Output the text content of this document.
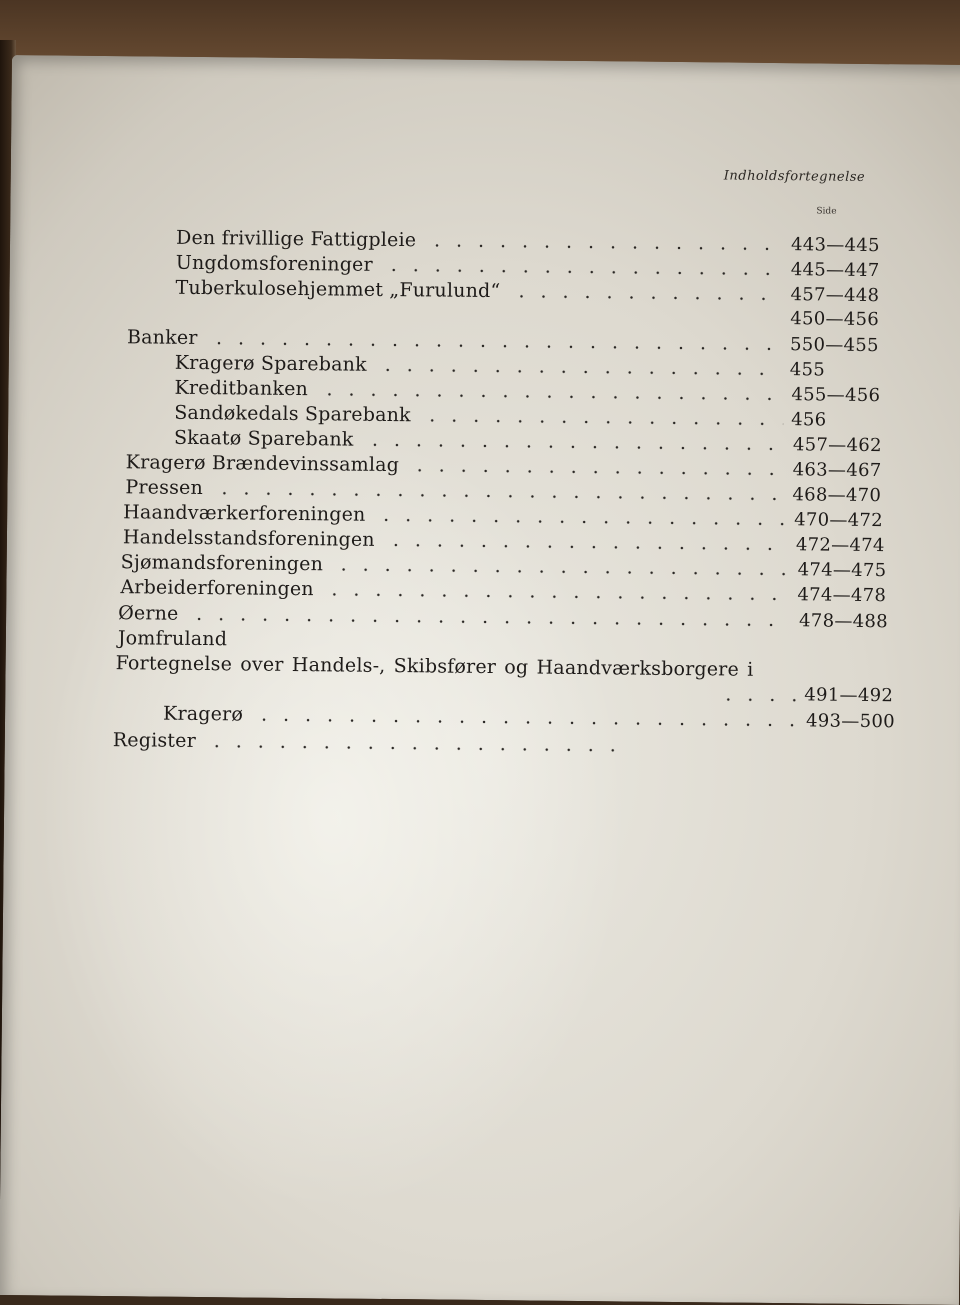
Indholdsfortegnelse
Side
Den frivillige Fattigpleie	443—445
Ungdomsforeninger	445—447
Tuberkulosehjemmet „Furulund“	457—448
450—456
Banker	550—455
Kragerø Sparebank	455
Kreditbanken	455—456
Sandøkedals Sparebank	456
Skaatø Sparebank	457—462
Kragerø Brændevinssamlag	463—467
Pressen	468—470
Haandværkerforeningen	470—472
Handelsstandsforeningen	472—474
Sjømandsforeningen	474—475
Arbeiderforeningen	474—478
Øerne	478—488
Jomfruland
Fortegnelse over Handels-, Skibsfører og Haandværksborgere i
491—492
Kragerø	493—500
Register
